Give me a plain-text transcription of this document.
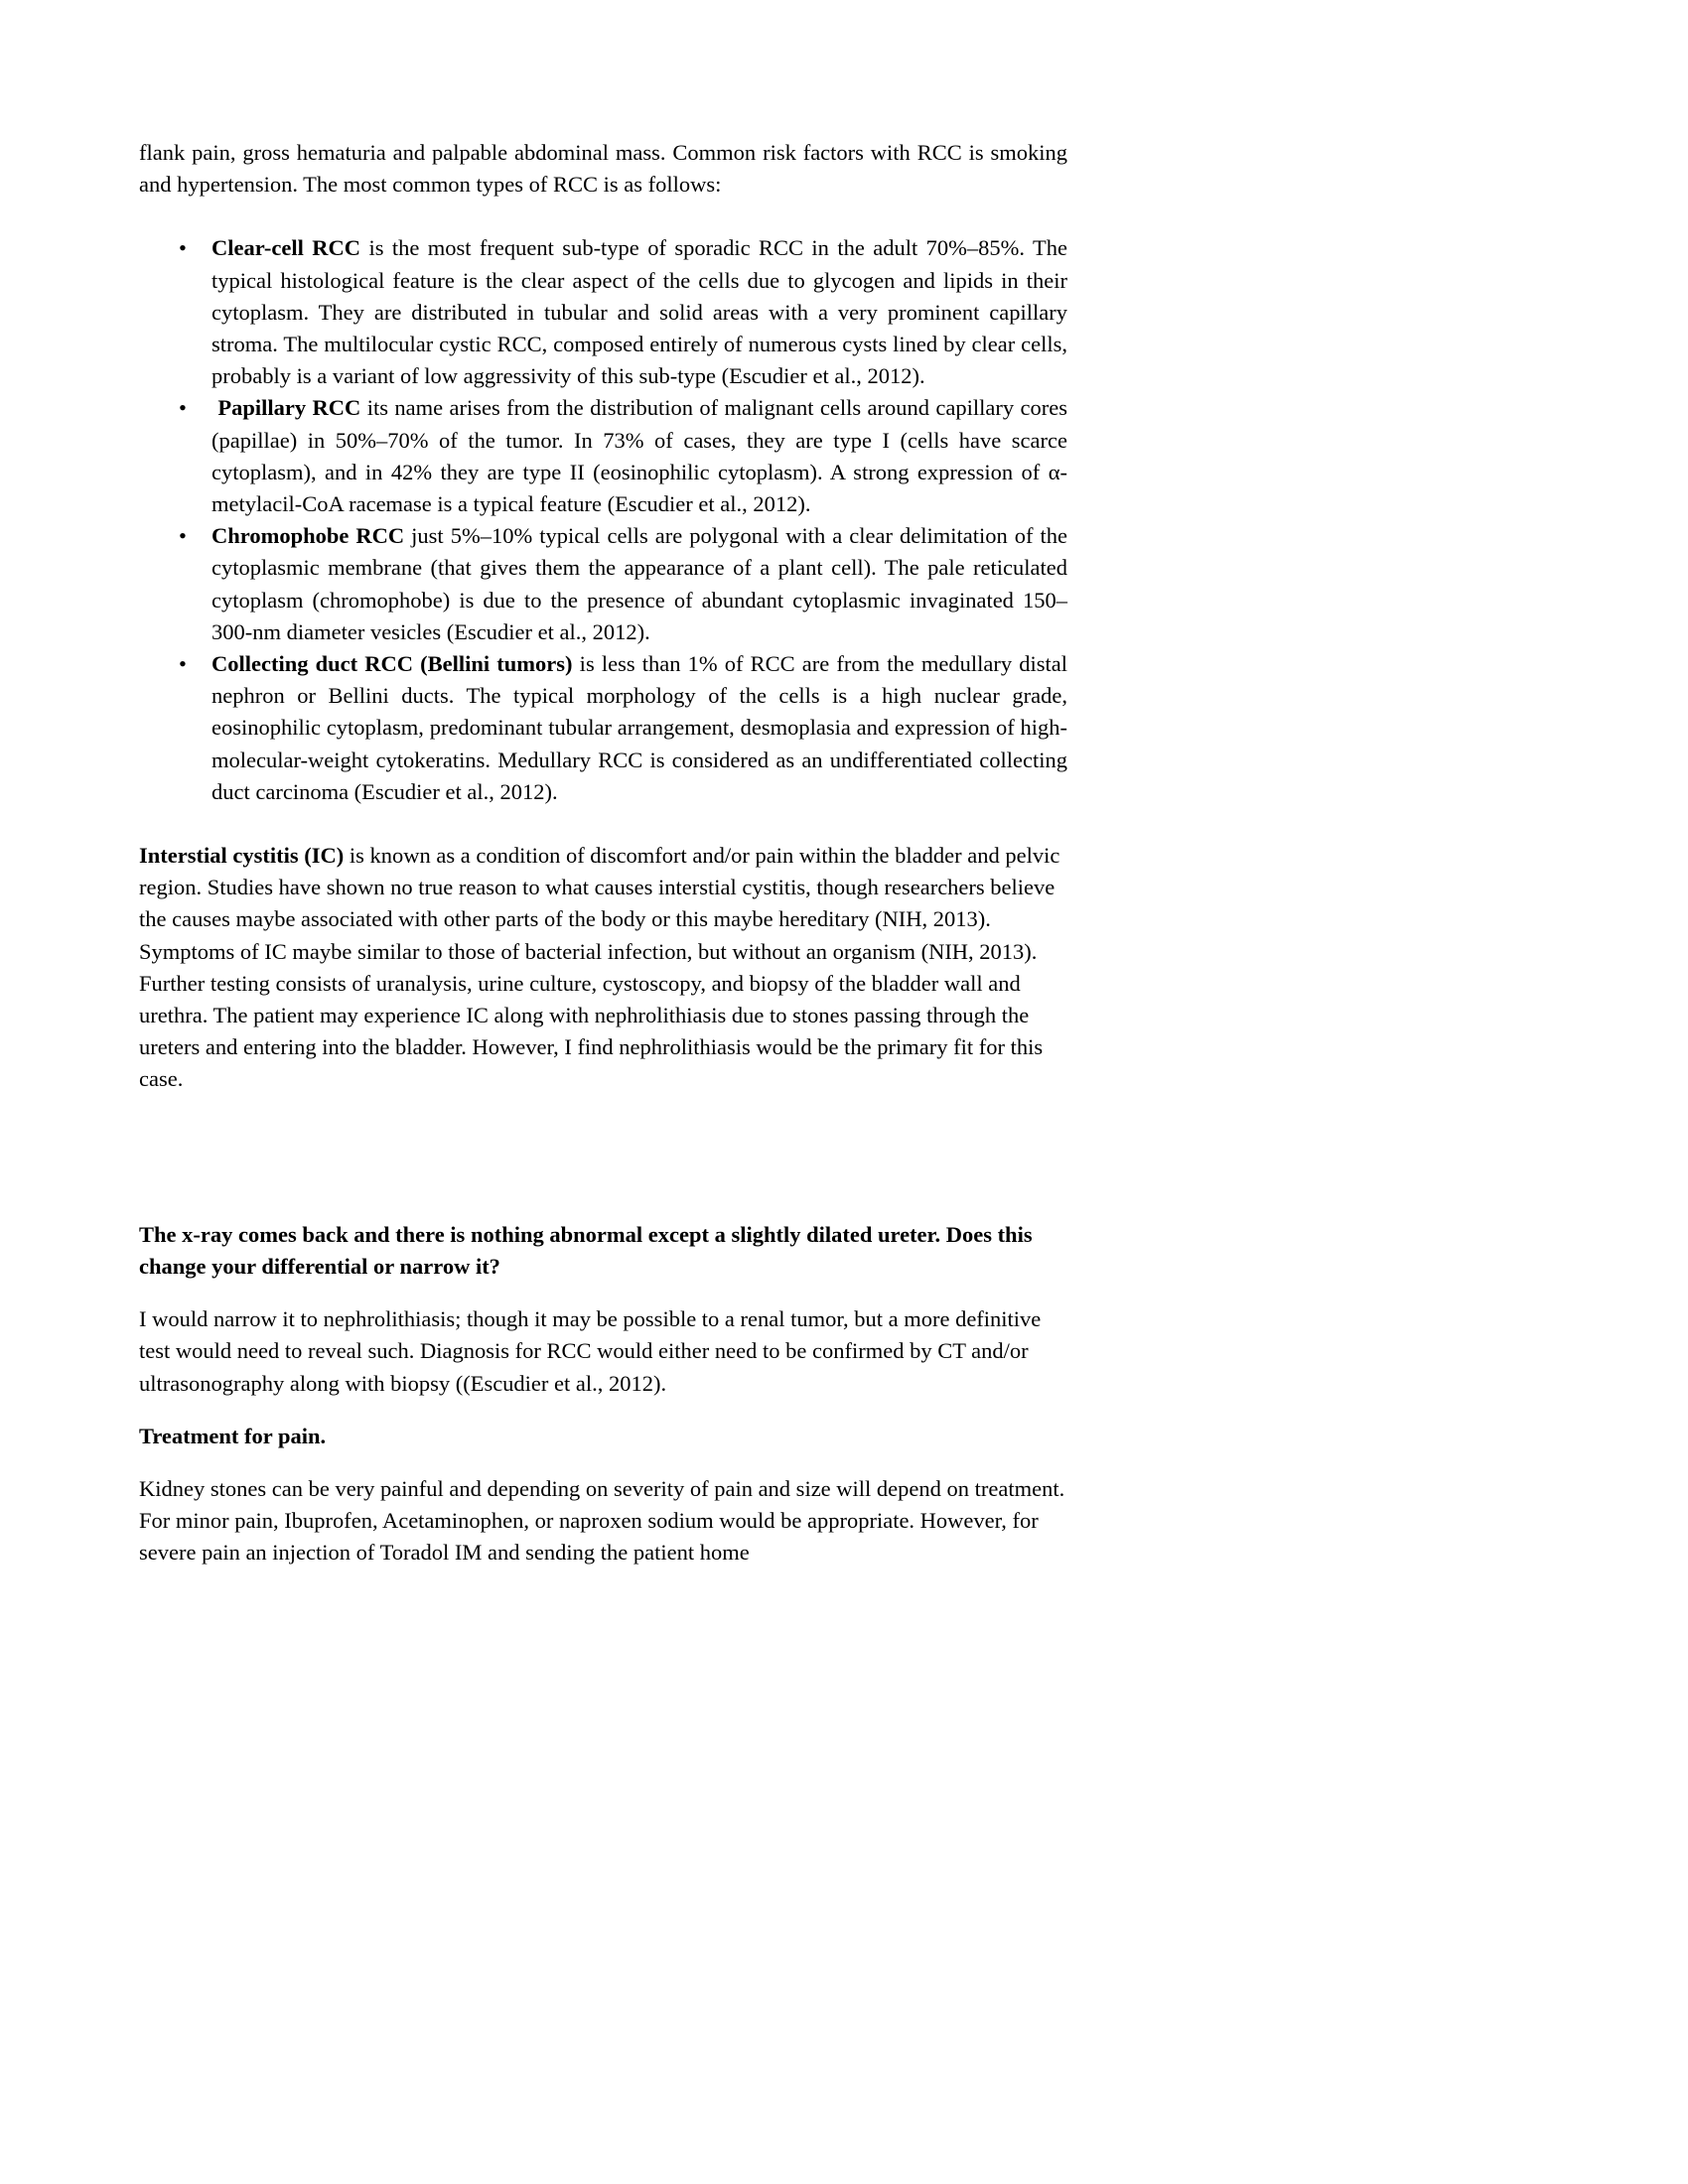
flank pain, gross hematuria and palpable abdominal mass. Common risk factors with RCC is smoking and hypertension. The most common types of RCC is as follows:

• Clear-cell RCC is the most frequent sub-type of sporadic RCC in the adult 70%–85%. The typical histological feature is the clear aspect of the cells due to glycogen and lipids in their cytoplasm. They are distributed in tubular and solid areas with a very prominent capillary stroma. The multilocular cystic RCC, composed entirely of numerous cysts lined by clear cells, probably is a variant of low aggressivity of this sub-type (Escudier et al., 2012).
• Papillary RCC its name arises from the distribution of malignant cells around capillary cores (papillae) in 50%–70% of the tumor. In 73% of cases, they are type I (cells have scarce cytoplasm), and in 42% they are type II (eosinophilic cytoplasm). A strong expression of α-metylacil-CoA racemase is a typical feature (Escudier et al., 2012).
• Chromophobe RCC just 5%–10% typical cells are polygonal with a clear delimitation of the cytoplasmic membrane (that gives them the appearance of a plant cell). The pale reticulated cytoplasm (chromophobe) is due to the presence of abundant cytoplasmic invaginated 150–300-nm diameter vesicles (Escudier et al., 2012).
• Collecting duct RCC (Bellini tumors) is less than 1% of RCC are from the medullary distal nephron or Bellini ducts. The typical morphology of the cells is a high nuclear grade, eosinophilic cytoplasm, predominant tubular arrangement, desmoplasia and expression of high-molecular-weight cytokeratins. Medullary RCC is considered as an undifferentiated collecting duct carcinoma (Escudier et al., 2012).

Interstial cystitis (IC) is known as a condition of discomfort and/or pain within the bladder and pelvic region. Studies have shown no true reason to what causes interstial cystitis, though researchers believe the causes maybe associated with other parts of the body or this maybe hereditary (NIH, 2013).  Symptoms of IC maybe similar to those of bacterial infection, but without an organism (NIH, 2013). Further testing consists of uranalysis, urine culture, cystoscopy, and biopsy of the bladder wall and urethra. The patient may experience IC along with nephrolithiasis due to stones passing through the ureters and entering into the bladder. However, I find nephrolithiasis would be the primary fit for this case.

The x-ray comes back and there is nothing abnormal except a slightly dilated ureter. Does this change your differential or narrow it?

I would narrow it to nephrolithiasis; though it may be possible to a renal tumor, but a more definitive test would need to reveal such. Diagnosis for RCC would either need to be confirmed by CT and/or ultrasonography along with biopsy ((Escudier et al., 2012).

Treatment for pain.

Kidney stones can be very painful and depending on severity of pain and size will depend on treatment. For minor pain, Ibuprofen, Acetaminophen, or naproxen sodium would be appropriate. However, for severe pain an injection of Toradol IM and sending the patient home
